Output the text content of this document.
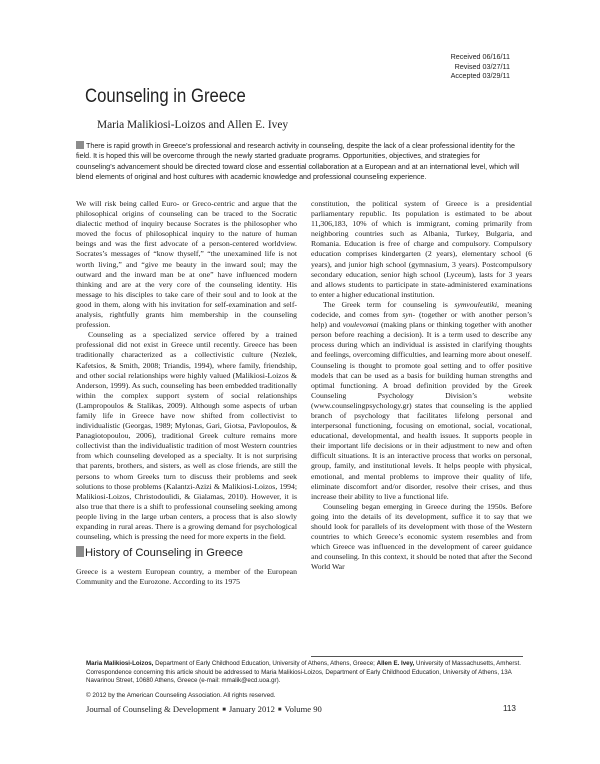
Received 06/16/11
Revised 03/27/11
Accepted 03/29/11
Counseling in Greece

Maria Malikiosi-Loizos and Allen E. Ivey

There is rapid growth in Greece’s professional and research activity in counseling, despite the lack of a clear professional identity for the field. It is hoped this will be overcome through the newly started graduate programs. Opportunities, objectives, and strategies for counseling’s advancement should be directed toward close and essential collaboration at a European and at an international level, which will blend elements of original and host cultures with academic knowledge and professional counseling experience.

We will risk being called Euro- or Greco-centric and argue that the philosophical origins of counseling can be traced to the Socratic dialectic method of inquiry because Socrates is the philosopher who moved the focus of philosophical inquiry to the nature of human beings and was the first advocate of a person-centered worldview. Socrates’s messages of “know thyself,” “the unexamined life is not worth living,” and “give me beauty in the inward soul; may the outward and the inward man be at one” have influenced modern thinking and are at the very core of the counseling identity. His message to his disciples to take care of their soul and to look at the good in them, along with his invitation for self-examination and self-analysis, rightfully grants him membership in the counseling profession.

Counseling as a specialized service offered by a trained professional did not exist in Greece until recently. Greece has been traditionally characterized as a collectivistic culture (Nezlek, Kafetsios, & Smith, 2008; Triandis, 1994), where family, friendship, and other social relationships were highly valued (Malikiosi-Loizos & Anderson, 1999). As such, counseling has been embedded traditionally within the complex support system of social relationships (Lampropoulos & Stalikas, 2009). Although some aspects of urban family life in Greece have now shifted from collectivist to individualistic (Georgas, 1989; Mylonas, Gari, Giotsa, Pavlopoulos, & Panagiotopoulou, 2006), traditional Greek culture remains more collectivist than the individualistic tradition of most Western countries from which counseling developed as a specialty. It is not surprising that parents, brothers, and sisters, as well as close friends, are still the persons to whom Greeks turn to discuss their problems and seek solutions to those problems (Kalantzi-Azizi & Malikiosi-Loizos, 1994; Malikiosi-Loizos, Christodoulidi, & Gialamas, 2010). However, it is also true that there is a shift to professional counseling seeking among people living in the large urban centers, a process that is also slowly expanding in rural areas. There is a growing demand for psychological counseling, which is pressing the need for more experts in the field.

History of Counseling in Greece

Greece is a western European country, a member of the European Community and the Eurozone. According to its 1975

constitution, the political system of Greece is a presidential parliamentary republic. Its population is estimated to be about 11,306,183, 10% of which is immigrant, coming primarily from neighboring countries such as Albania, Turkey, Bulgaria, and Romania. Education is free of charge and compulsory. Compulsory education comprises kindergarten (2 years), elementary school (6 years), and junior high school (gymnasium, 3 years). Postcompulsory secondary education, senior high school (Lyceum), lasts for 3 years and allows students to participate in state-administered examinations to enter a higher educational institution.

The Greek term for counseling is symvouleutiki, meaning codecide, and comes from syn- (together or with another person’s help) and voulevomai (making plans or thinking together with another person before reaching a decision). It is a term used to describe any process during which an individual is assisted in clarifying thoughts and feelings, overcoming difficulties, and learning more about oneself. Counseling is thought to promote goal setting and to offer positive models that can be used as a basis for building human strengths and optimal functioning. A broad definition provided by the Greek Counseling Psychology Division’s website (www.counselingpsychology.gr) states that counseling is the applied branch of psychology that facilitates lifelong personal and interpersonal functioning, focusing on emotional, social, vocational, educational, developmental, and health issues. It supports people in their important life decisions or in their adjustment to new and often difficult situations. It is an interactive process that works on personal, group, family, and institutional levels. It helps people with physical, emotional, and mental problems to improve their quality of life, eliminate discomfort and/or disorder, resolve their crises, and thus increase their ability to live a functional life.

Counseling began emerging in Greece during the 1950s. Before going into the details of its development, suffice it to say that we should look for parallels of its development with those of the Western countries to which Greece’s economic system resembles and from which Greece was influenced in the development of career guidance and counseling. In this context, it should be noted that after the Second World War

Maria Malikiosi-Loizos, Department of Early Childhood Education, University of Athens, Athens, Greece; Allen E. Ivey, University of Massachusetts, Amherst. Correspondence concerning this article should be addressed to Maria Malikiosi-Loizos, Department of Early Childhood Education, University of Athens, 13A Navarinou Street, 10680 Athens, Greece (e-mail: mmalik@ecd.uoa.gr).

© 2012 by the American Counseling Association. All rights reserved.

Journal of Counseling & Development ■ January 2012 ■ Volume 90	113
